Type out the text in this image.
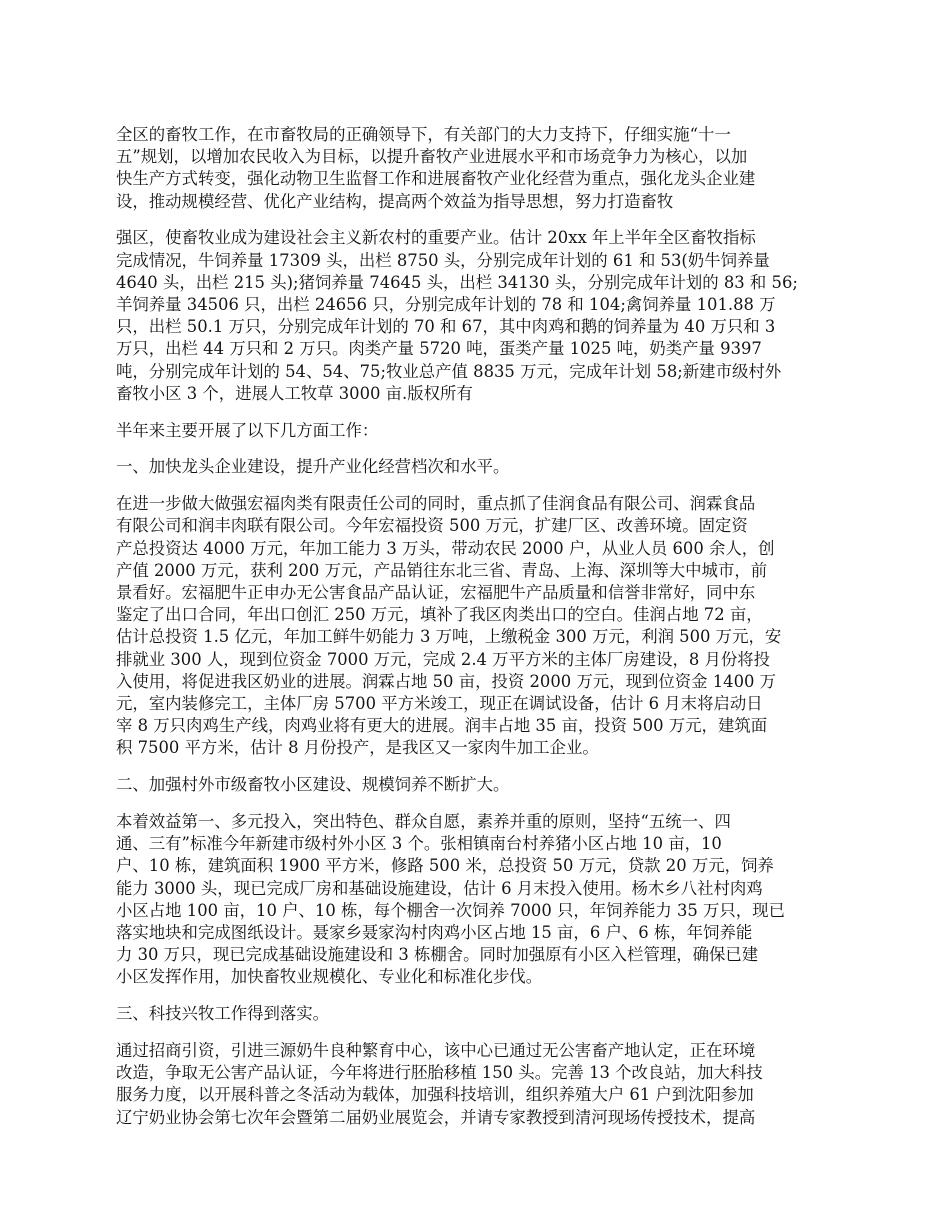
全区的畜牧工作，在市畜牧局的正确领导下，有关部门的大力支持下，仔细实施“十一
五”规划，以增加农民收入为目标，以提升畜牧产业进展水平和市场竞争力为核心，以加
快生产方式转变，强化动物卫生监督工作和进展畜牧产业化经营为重点，强化龙头企业建
设，推动规模经营、优化产业结构，提高两个效益为指导思想，努力打造畜牧

强区，使畜牧业成为建设社会主义新农村的重要产业。估计 20xx 年上半年全区畜牧指标
完成情况，牛饲养量 17309 头，出栏 8750 头，分别完成年计划的 61 和 53(奶牛饲养量
4640 头，出栏 215 头);猪饲养量 74645 头，出栏 34130 头，分别完成年计划的 83 和 56;
羊饲养量 34506 只，出栏 24656 只，分别完成年计划的 78 和 104;禽饲养量 101.88 万
只，出栏 50.1 万只，分别完成年计划的 70 和 67，其中肉鸡和鹅的饲养量为 40 万只和 3
万只，出栏 44 万只和 2 万只。肉类产量 5720 吨，蛋类产量 1025 吨，奶类产量 9397
吨，分别完成年计划的 54、54、75;牧业总产值 8835 万元，完成年计划 58;新建市级村外
畜牧小区 3 个，进展人工牧草 3000 亩.版权所有

半年来主要开展了以下几方面工作：

一、加快龙头企业建设，提升产业化经营档次和水平。

在进一步做大做强宏福肉类有限责任公司的同时，重点抓了佳润食品有限公司、润霖食品
有限公司和润丰肉联有限公司。今年宏福投资 500 万元，扩建厂区、改善环境。固定资
产总投资达 4000 万元，年加工能力 3 万头，带动农民 2000 户，从业人员 600 余人，创
产值 2000 万元，获利 200 万元，产品销往东北三省、青岛、上海、深圳等大中城市，前
景看好。宏福肥牛正申办无公害食品产品认证，宏福肥牛产品质量和信誉非常好，同中东
鉴定了出口合同，年出口创汇 250 万元，填补了我区肉类出口的空白。佳润占地 72 亩，
估计总投资 1.5 亿元，年加工鲜牛奶能力 3 万吨，上缴税金 300 万元，利润 500 万元，安
排就业 300 人，现到位资金 7000 万元，完成 2.4 万平方米的主体厂房建设，8 月份将投
入使用，将促进我区奶业的进展。润霖占地 50 亩，投资 2000 万元，现到位资金 1400 万
元，室内装修完工，主体厂房 5700 平方米竣工，现正在调试设备，估计 6 月末将启动日
宰 8 万只肉鸡生产线，肉鸡业将有更大的进展。润丰占地 35 亩，投资 500 万元，建筑面
积 7500 平方米，估计 8 月份投产，是我区又一家肉牛加工企业。

二、加强村外市级畜牧小区建设、规模饲养不断扩大。

本着效益第一、多元投入，突出特色、群众自愿，素养并重的原则，坚持“五统一、四
通、三有”标准今年新建市级村外小区 3 个。张相镇南台村养猪小区占地 10 亩，10
户、10 栋，建筑面积 1900 平方米，修路 500 米，总投资 50 万元，贷款 20 万元，饲养
能力 3000 头，现已完成厂房和基础设施建设，估计 6 月末投入使用。杨木乡八社村肉鸡
小区占地 100 亩，10 户、10 栋，每个棚舍一次饲养 7000 只，年饲养能力 35 万只，现已
落实地块和完成图纸设计。聂家乡聂家沟村肉鸡小区占地 15 亩，6 户、6 栋，年饲养能
力 30 万只，现已完成基础设施建设和 3 栋棚舍。同时加强原有小区入栏管理，确保已建
小区发挥作用，加快畜牧业规模化、专业化和标准化步伐。

三、科技兴牧工作得到落实。

通过招商引资，引进三源奶牛良种繁育中心，该中心已通过无公害畜产地认定，正在环境
改造，争取无公害产品认证，今年将进行胚胎移植 150 头。完善 13 个改良站，加大科技
服务力度，以开展科普之冬活动为载体，加强科技培训，组织养殖大户 61 户到沈阳参加
辽宁奶业协会第七次年会暨第二届奶业展览会，并请专家教授到清河现场传授技术，提高
